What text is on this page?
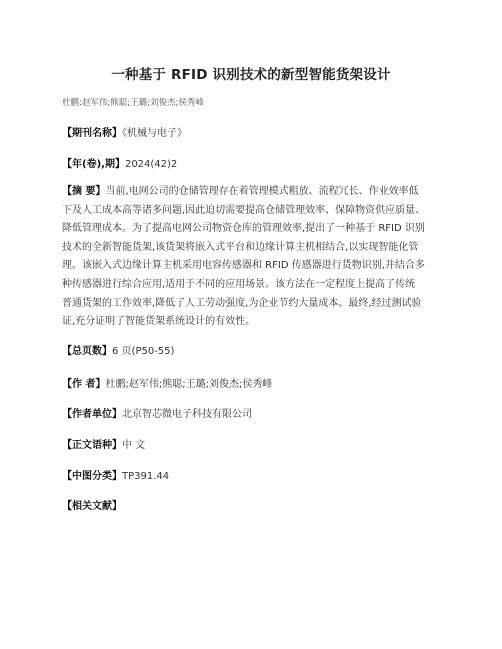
一种基于 RFID 识别技术的新型智能货架设计
杜鹏;赵军伟;熊聪;王璐;刘俊杰;侯秀峰
【期刊名称】《机械与电子》
【年(卷),期】2024(42)2
【摘 要】当前,电网公司的仓储管理存在着管理模式粗放、流程冗长、作业效率低
下及人工成本高等诸多问题,因此迫切需要提高仓储管理效率、保障物资供应质量、
降低管理成本。为了提高电网公司物资仓库的管理效率,提出了一种基于 RFID 识别
技术的全新智能货架,该货架将嵌入式平台和边缘计算主机相结合,以实现智能化管
理。该嵌入式边缘计算主机采用电容传感器和 RFID 传感器进行货物识别,并结合多
种传感器进行综合应用,适用于不同的应用场景。该方法在一定程度上提高了传统
普通货架的工作效率,降低了人工劳动强度,为企业节约大量成本。最终,经过测试验
证,充分证明了智能货架系统设计的有效性。
【总页数】6 页(P50-55)
【作 者】杜鹏;赵军伟;熊聪;王璐;刘俊杰;侯秀峰
【作者单位】北京智芯微电子科技有限公司
【正文语种】中 文
【中图分类】TP391.44
【相关文献】
